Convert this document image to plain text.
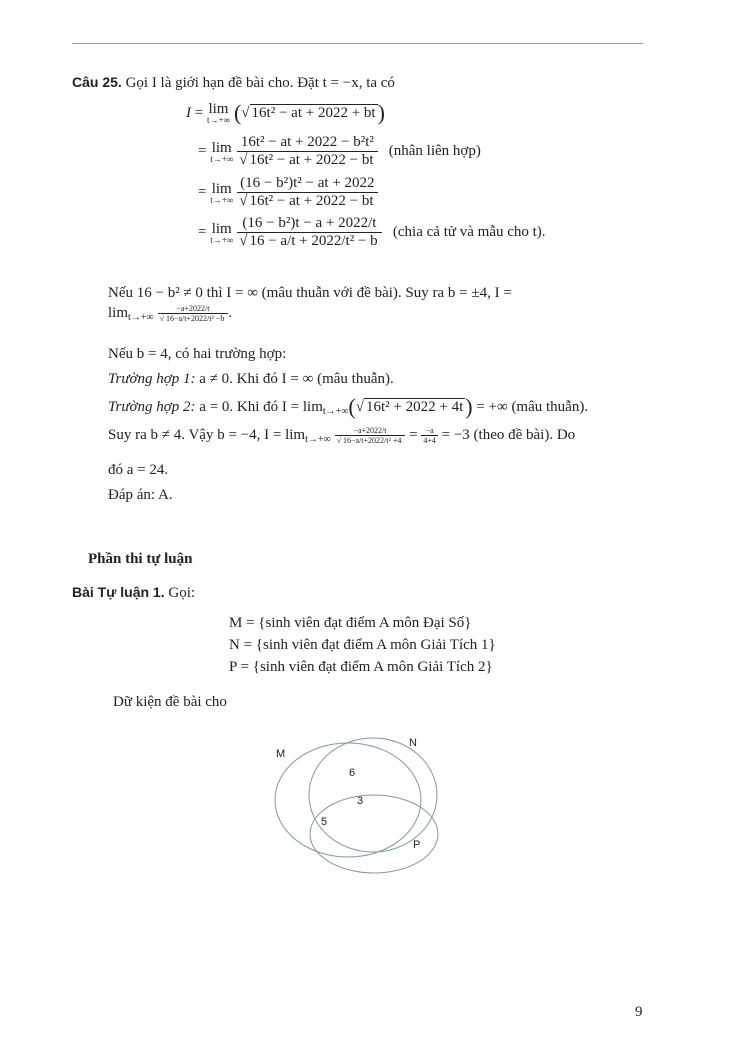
Câu 25. Gọi I là giới hạn đề bài cho. Đặt t = −x, ta có
I
=
lim
t→+∞ ( √ 16t² − at + 2022 + bt )
=
lim
$t\to+\infty \frac{\text{16t² − at + 2022 − b²t²}}{\text{√ 16t² − at + 2022 − bt}}$
(nhân liên hợp)
=
lim
$t\to+\infty \frac{\text{(16 − b²)t² − at + 2022}}{\text{√ 16t² − at + 2022 − bt}}$
=
lim
$t\to+\infty \frac{\text{(16 − b²)t − a + 2022/t}}{\text{√ 16 − a/t + 2022/t² − b}}$
(chia cả tử và mẫu cho t).
Nếu 16 − b² ≠ 0 thì I = ∞ (mâu thuẫn với đề bài). Suy ra b = ±4, I =
$\lim t\to+\infty \frac{-a+2022/t}{\text{√ 16−a/t+2022/t² −b}}$ .
Nếu b = 4, có hai trường hợp:
Trường hợp 1: a ≠ 0. Khi đó I = ∞ (mâu thuẫn).
Trường hợp 2:
a = 0. Khi đó I = lim t→+∞ ( √ 16t² + 2022 + 4t )
= +∞ (mâu thuẫn).
Suy ra b ≠ 4. Vậy b = −4, $I = \lim t\to+\infty \frac{-a+2022/t}{\text{√ 16−a/t+2022/t² +4}}$
=
$\frac{-a}{4+4}$
= −3 (theo đề bài). Do
đó a = 24.
Đáp án: A.
Phần thi tự luận
Bài Tự luận 1. Gọi:
M = {sinh viên đạt điểm A môn Đại Số}
N = {sinh viên đạt điểm A môn Giải Tích 1}
P = {sinh viên đạt điểm A môn Giải Tích 2}
Dữ kiện đề bài cho
M
N
P
6
3
5
9
